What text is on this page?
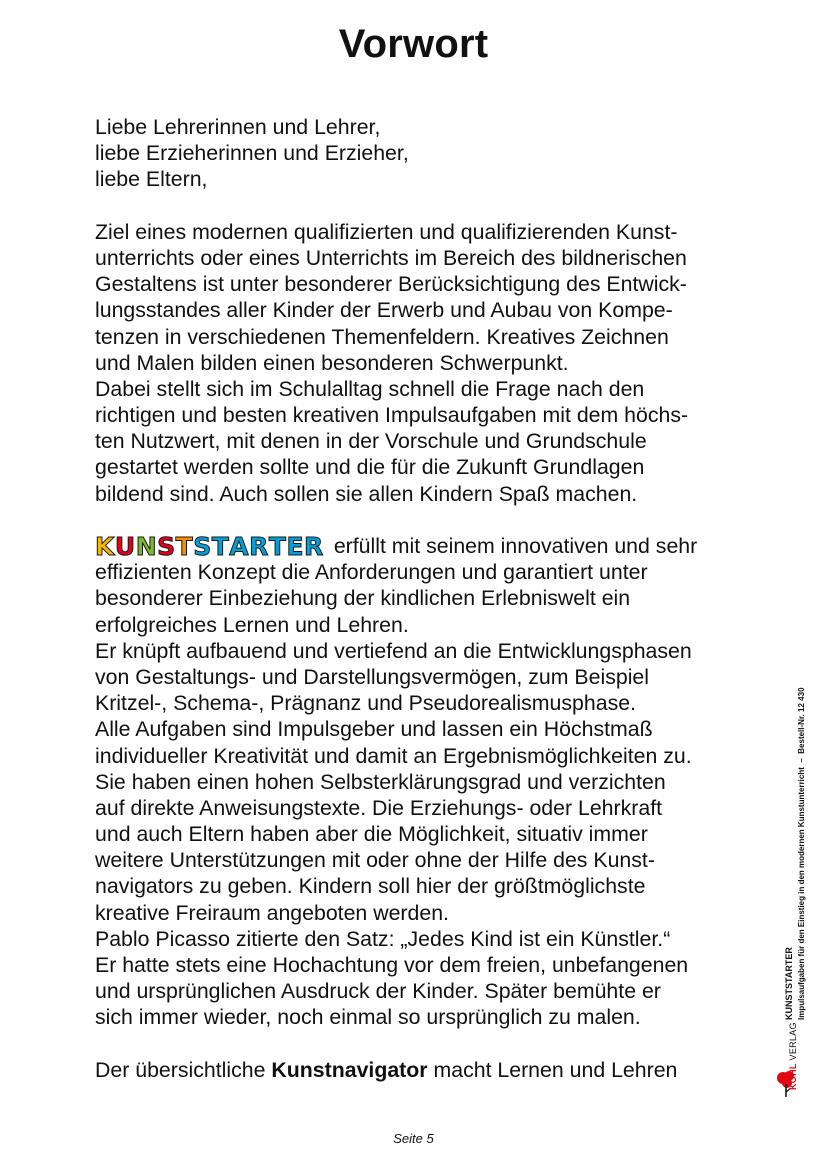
Vorwort
Liebe Lehrerinnen und Lehrer,
liebe Erzieherinnen und Erzieher,
liebe Eltern,
Ziel eines modernen qualifizierten und qualifizierenden Kunst-
unterrichts oder eines Unterrichts im Bereich des bildnerischen
Gestaltens ist unter besonderer Berücksichtigung des Entwick-
lungsstandes aller Kinder der Erwerb und Aubau von Kompe-
tenzen in verschiedenen Themenfeldern. Kreatives Zeichnen
und Malen bilden einen besonderen Schwerpunkt.
Dabei stellt sich im Schulalltag schnell die Frage nach den
richtigen und besten kreativen Impulsaufgaben mit dem höchs-
ten Nutzwert, mit denen in der Vorschule und Grundschule
gestartet werden sollte und die für die Zukunft Grundlagen
bildend sind. Auch sollen sie allen Kindern Spaß machen.
KUNSTSTARTER erfüllt mit seinem innovativen und sehr
effizienten Konzept die Anforderungen und garantiert unter
besonderer Einbeziehung der kindlichen Erlebniswelt ein
erfolgreiches Lernen und Lehren.
Er knüpft aufbauend und vertiefend an die Entwicklungsphasen
von Gestaltungs- und Darstellungsvermögen, zum Beispiel
Kritzel-, Schema-, Prägnanz und Pseudorealismusphase.
Alle Aufgaben sind Impulsgeber und lassen ein Höchstmaß
individueller Kreativität und damit an Ergebnismöglichkeiten zu.
Sie haben einen hohen Selbsterklärungsgrad und verzichten
auf direkte Anweisungstexte. Die Erziehungs- oder Lehrkraft
und auch Eltern haben aber die Möglichkeit, situativ immer
weitere Unterstützungen mit oder ohne der Hilfe des Kunst-
navigators zu geben. Kindern soll hier der größtmöglichste
kreative Freiraum angeboten werden.
Pablo Picasso zitierte den Satz: „Jedes Kind ist ein Künstler.“
Er hatte stets eine Hochachtung vor dem freien, unbefangenen
und ursprünglichen Ausdruck der Kinder. Später bemühte er
sich immer wieder, noch einmal so ursprünglich zu malen.
Der übersichtliche Kunstnavigator macht Lernen und Lehren
KUNSTSTARTER Impulsaufgaben für den Einstieg in den modernen Kunstunterricht  –  Bestell-Nr. 12 430
KOHL VERLAG
Seite 5
